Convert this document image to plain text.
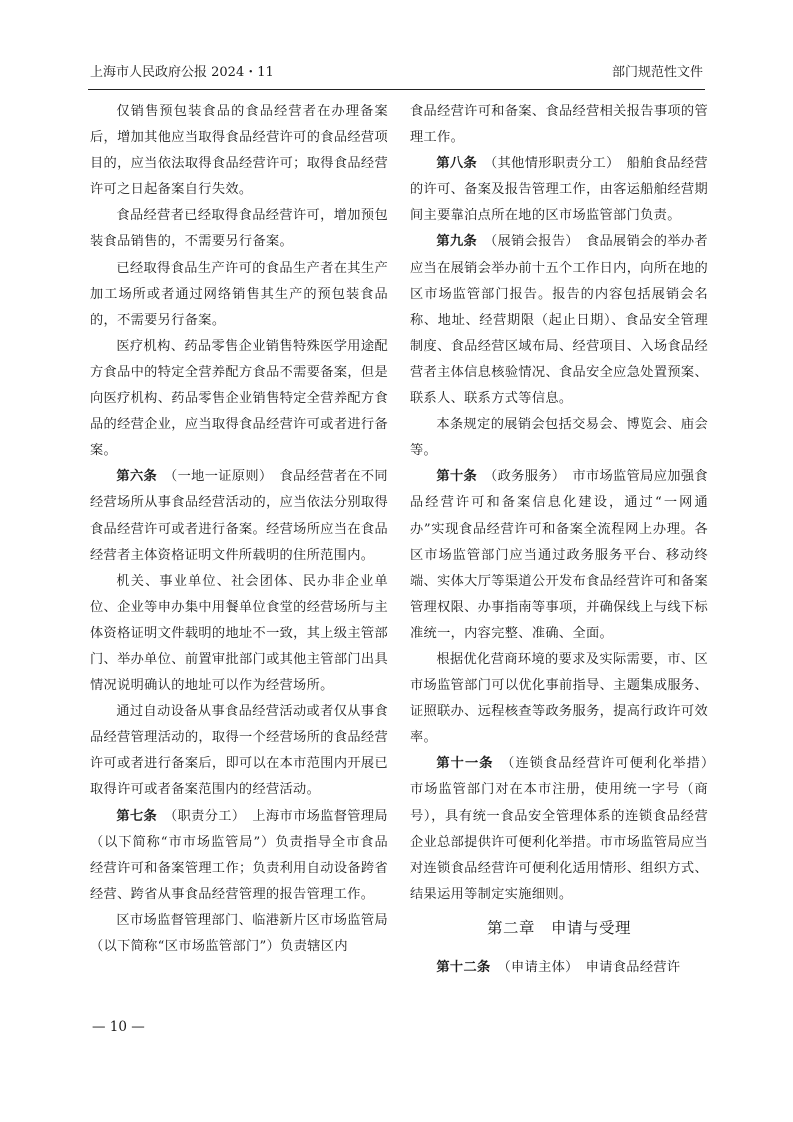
上海市人民政府公报 2024・11	部门规范性文件

仅销售预包装食品的食品经营者在办理备案后，增加其他应当取得食品经营许可的食品经营项目的，应当依法取得食品经营许可；取得食品经营许可之日起备案自行失效。

食品经营者已经取得食品经营许可，增加预包装食品销售的，不需要另行备案。

已经取得食品生产许可的食品生产者在其生产加工场所或者通过网络销售其生产的预包装食品的，不需要另行备案。

医疗机构、药品零售企业销售特殊医学用途配方食品中的特定全营养配方食品不需要备案，但是向医疗机构、药品零售企业销售特定全营养配方食品的经营企业，应当取得食品经营许可或者进行备案。

第六条　 （一地一证原则）　 食品经营者在不同经营场所从事食品经营活动的，应当依法分别取得食品经营许可或者进行备案。经营场所应当在食品经营者主体资格证明文件所载明的住所范围内。

机关、事业单位、社会团体、民办非企业单位、企业等申办集中用餐单位食堂的经营场所与主体资格证明文件载明的地址不一致，其上级主管部门、举办单位、前置审批部门或其他主管部门出具情况说明确认的地址可以作为经营场所。

通过自动设备从事食品经营活动或者仅从事食品经营管理活动的，取得一个经营场所的食品经营许可或者进行备案后，即可以在本市范围内开展已取得许可或者备案范围内的经营活动。

第七条　 （职责分工）　 上海市市场监督管理局（以下简称“市市场监管局”）负责指导全市食品经营许可和备案管理工作；负责利用自动设备跨省经营、跨省从事食品经营管理的报告管理工作。

区市场监督管理部门、临港新片区市场监管局（以下简称“区市场监管部门”）负责辖区内

食品经营许可和备案、食品经营相关报告事项的管理工作。

第八条　 （其他情形职责分工）　 船舶食品经营的许可、备案及报告管理工作，由客运船舶经营期间主要靠泊点所在地的区市场监管部门负责。

第九条　 （展销会报告）　 食品展销会的举办者应当在展销会举办前十五个工作日内，向所在地的区市场监管部门报告。报告的内容包括展销会名称、地址、经营期限（起止日期）、食品安全管理制度、食品经营区域布局、经营项目、入场食品经营者主体信息核验情况、食品安全应急处置预案、联系人、联系方式等信息。

本条规定的展销会包括交易会、博览会、庙会等。

第十条　 （政务服务）　 市市场监管局应加强食品经营许可和备案信息化建设，通过“一网通办”实现食品经营许可和备案全流程网上办理。各区市场监管部门应当通过政务服务平台、移动终端、实体大厅等渠道公开发布食品经营许可和备案管理权限、办事指南等事项，并确保线上与线下标准统一，内容完整、准确、全面。

根据优化营商环境的要求及实际需要，市、区市场监管部门可以优化事前指导、主题集成服务、证照联办、远程核查等政务服务，提高行政许可效率。

第十一条　 （连锁食品经营许可便利化举措）　市场监管部门对在本市注册，使用统一字号（商号），具有统一食品安全管理体系的连锁食品经营企业总部提供许可便利化举措。市市场监管局应当对连锁食品经营许可便利化适用情形、组织方式、结果运用等制定实施细则。

第二章　 申请与受理

第十二条　 （申请主体）　 申请食品经营许

— 10 —
